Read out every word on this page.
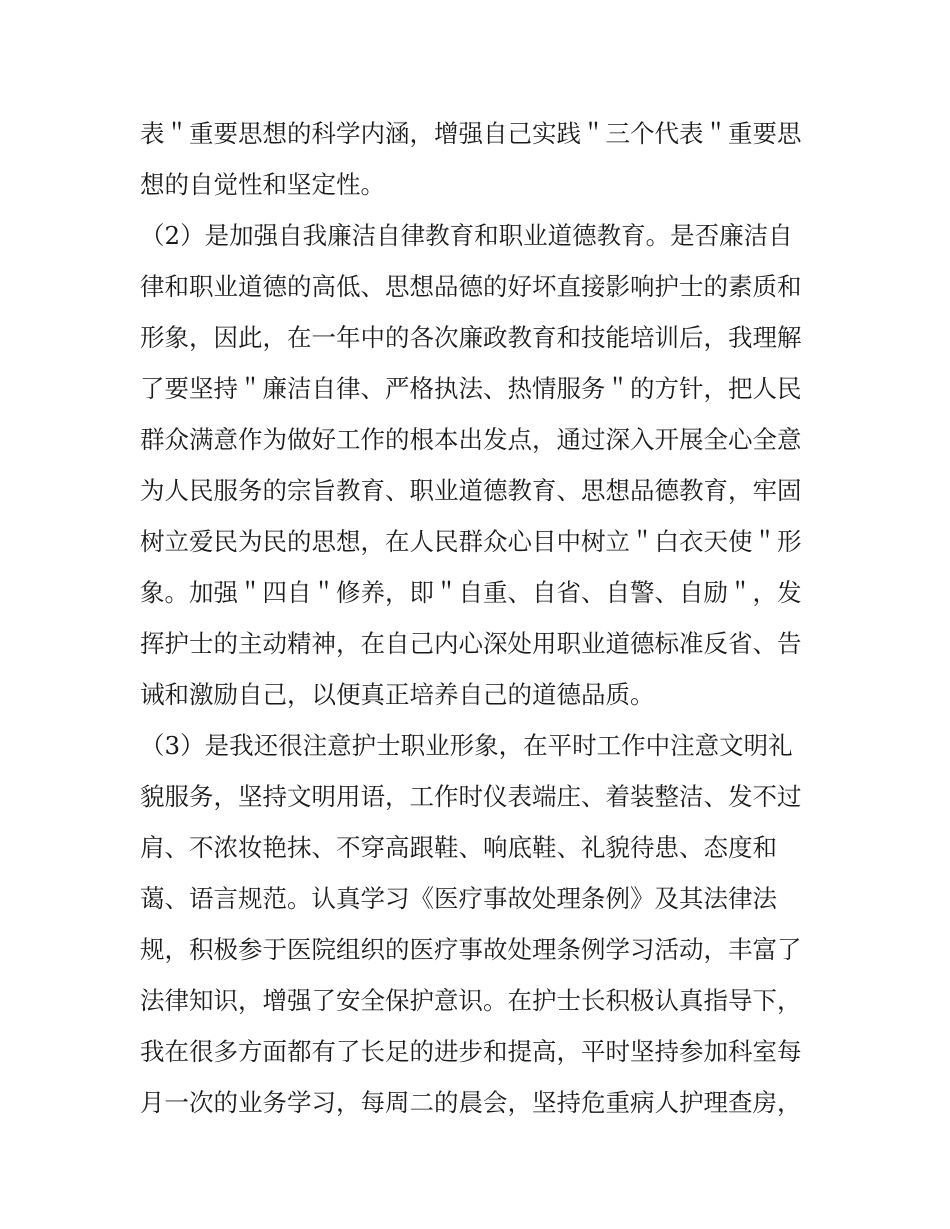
表＂重要思想的科学内涵，增强自己实践＂三个代表＂重要思
想的自觉性和坚定性。
（2）是加强自我廉洁自律教育和职业道德教育。是否廉洁自
律和职业道德的高低、思想品德的好坏直接影响护士的素质和
形象，因此，在一年中的各次廉政教育和技能培训后，我理解
了要坚持＂廉洁自律、严格执法、热情服务＂的方针，把人民
群众满意作为做好工作的根本出发点，通过深入开展全心全意
为人民服务的宗旨教育、职业道德教育、思想品德教育，牢固
树立爱民为民的思想，在人民群众心目中树立＂白衣天使＂形
象。加强＂四自＂修养，即＂自重、自省、自警、自励＂，发
挥护士的主动精神，在自己内心深处用职业道德标准反省、告
诫和激励自己，以便真正培养自己的道德品质。
（3）是我还很注意护士职业形象，在平时工作中注意文明礼
貌服务，坚持文明用语，工作时仪表端庄、着装整洁、发不过
肩、不浓妆艳抹、不穿高跟鞋、响底鞋、礼貌待患、态度和
蔼、语言规范。认真学习《医疗事故处理条例》及其法律法
规，积极参于医院组织的医疗事故处理条例学习活动，丰富了
法律知识，增强了安全保护意识。在护士长积极认真指导下，
我在很多方面都有了长足的进步和提高，平时坚持参加科室每
月一次的业务学习，每周二的晨会，坚持危重病人护理查房，
